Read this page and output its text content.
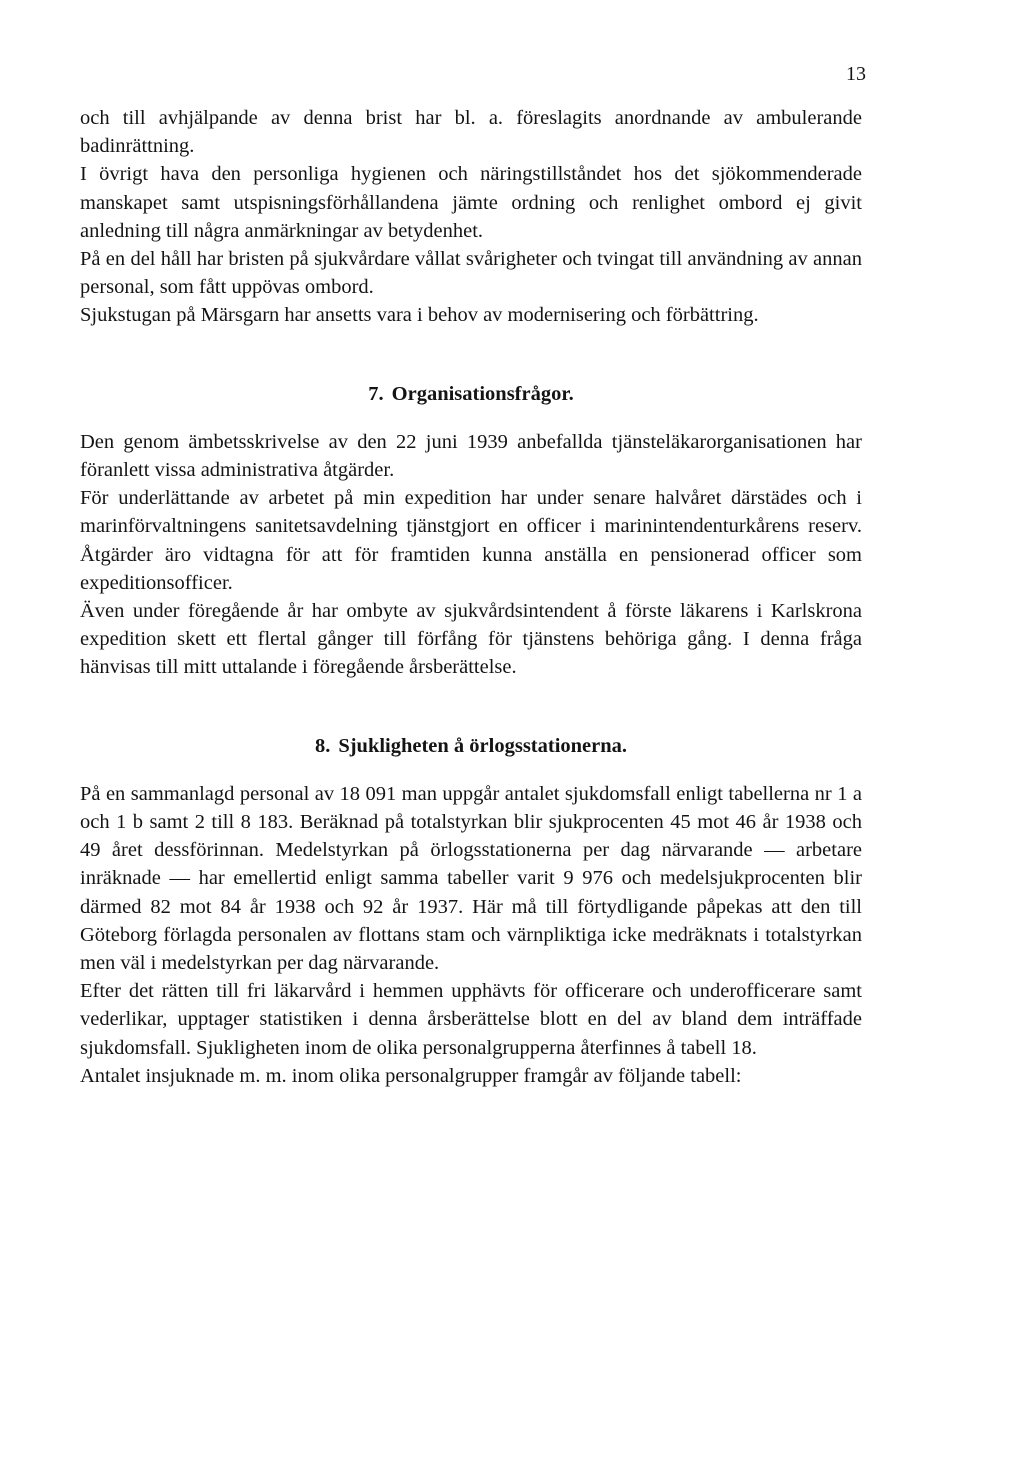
13

och till avhjälpande av denna brist har bl. a. föreslagits anordnande av ambulerande badinrättning.

I övrigt hava den personliga hygienen och näringstillståndet hos det sjökommenderade manskapet samt utspisningsförhållandena jämte ordning och renlighet ombord ej givit anledning till några anmärkningar av betydenhet.

På en del håll har bristen på sjukvårdare vållat svårigheter och tvingat till användning av annan personal, som fått uppövas ombord.

Sjukstugan på Märsgarn har ansetts vara i behov av modernisering och förbättring.

7. Organisationsfrågor.

Den genom ämbetsskrivelse av den 22 juni 1939 anbefallda tjänsteläkarorganisationen har föranlett vissa administrativa åtgärder.

För underlättande av arbetet på min expedition har under senare halvåret därstädes och i marinförvaltningens sanitetsavdelning tjänstgjort en officer i marinintendenturkårens reserv. Åtgärder äro vidtagna för att för framtiden kunna anställa en pensionerad officer som expeditionsofficer.

Även under föregående år har ombyte av sjukvårdsintendent å förste läkarens i Karlskrona expedition skett ett flertal gånger till förfång för tjänstens behöriga gång. I denna fråga hänvisas till mitt uttalande i föregående årsberättelse.

8. Sjukligheten å örlogsstationerna.

På en sammanlagd personal av 18 091 man uppgår antalet sjukdomsfall enligt tabellerna nr 1 a och 1 b samt 2 till 8 183. Beräknad på totalstyrkan blir sjukprocenten 45 mot 46 år 1938 och 49 året dessförinnan. Medelstyrkan på örlogsstationerna per dag närvarande — arbetare inräknade — har emellertid enligt samma tabeller varit 9 976 och medelsjukprocenten blir därmed 82 mot 84 år 1938 och 92 år 1937. Här må till förtydligande påpekas att den till Göteborg förlagda personalen av flottans stam och värnpliktiga icke medräknats i totalstyrkan men väl i medelstyrkan per dag närvarande.

Efter det rätten till fri läkarvård i hemmen upphävts för officerare och underofficerare samt vederlikar, upptager statistiken i denna årsberättelse blott en del av bland dem inträffade sjukdomsfall. Sjukligheten inom de olika personalgrupperna återfinnes å tabell 18.

Antalet insjuknade m. m. inom olika personalgrupper framgår av följande tabell:
